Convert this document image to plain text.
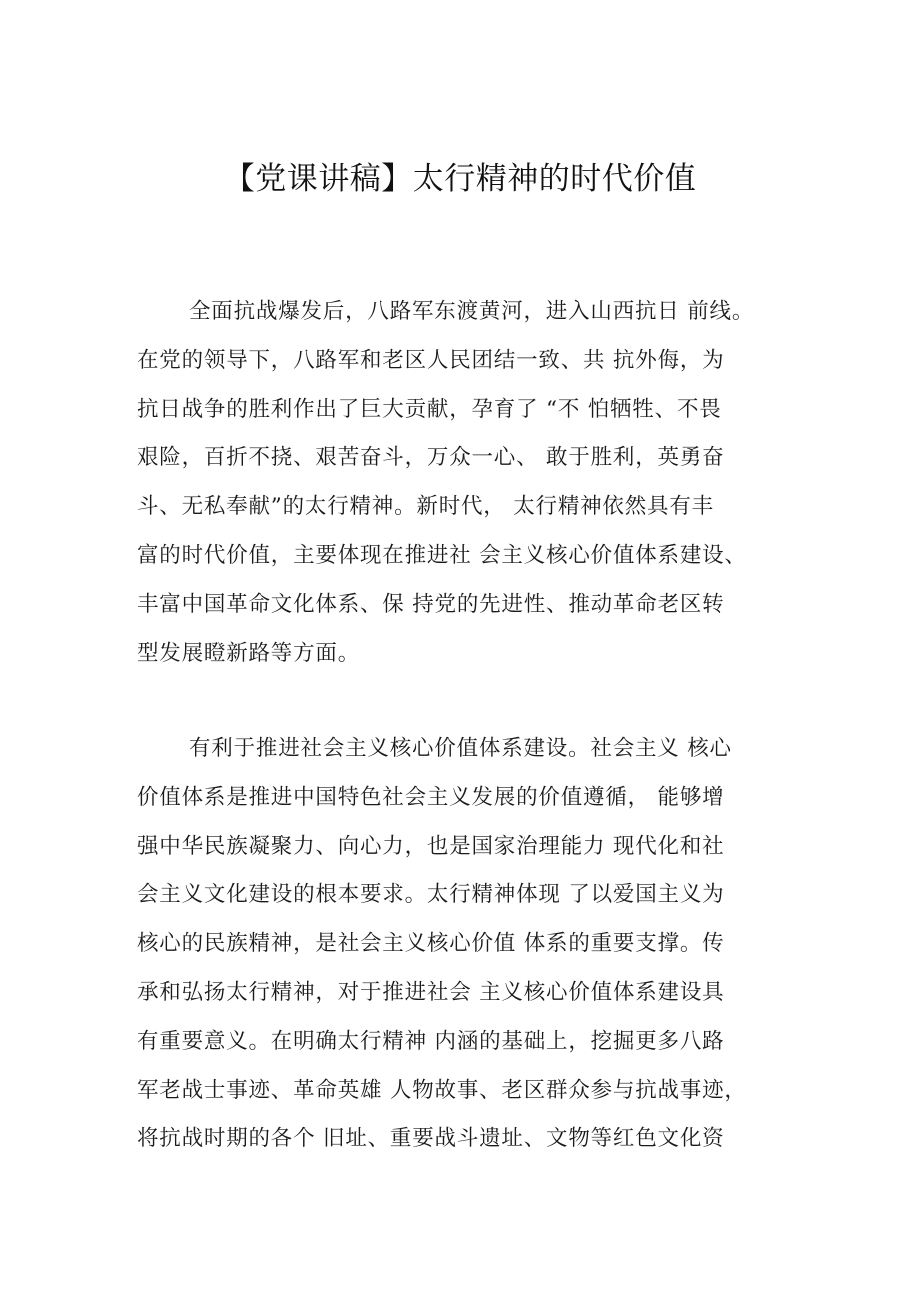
【党课讲稿】太行精神的时代价值
全面抗战爆发后，八路军东渡黄河，进入山西抗日 前线。
在党的领导下，八路军和老区人民团结一致、共 抗外侮，为
抗日战争的胜利作出了巨大贡献，孕育了 “不 怕牺牲、不畏
艰险，百折不挠、艰苦奋斗，万众一心、 敢于胜利，英勇奋
斗、无私奉献”的太行精神。新时代， 太行精神依然具有丰
富的时代价值，主要体现在推进社 会主义核心价值体系建设、
丰富中国革命文化体系、保 持党的先进性、推动革命老区转
型发展瞪新路等方面。
有利于推进社会主义核心价值体系建设。社会主义 核心
价值体系是推进中国特色社会主义发展的价值遵循， 能够增
强中华民族凝聚力、向心力，也是国家治理能力 现代化和社
会主义文化建设的根本要求。太行精神体现 了以爱国主义为
核心的民族精神，是社会主义核心价值 体系的重要支撑。传
承和弘扬太行精神，对于推进社会 主义核心价值体系建设具
有重要意义。在明确太行精神 内涵的基础上，挖掘更多八路
军老战士事迹、革命英雄 人物故事、老区群众参与抗战事迹，
将抗战时期的各个 旧址、重要战斗遗址、文物等红色文化资
